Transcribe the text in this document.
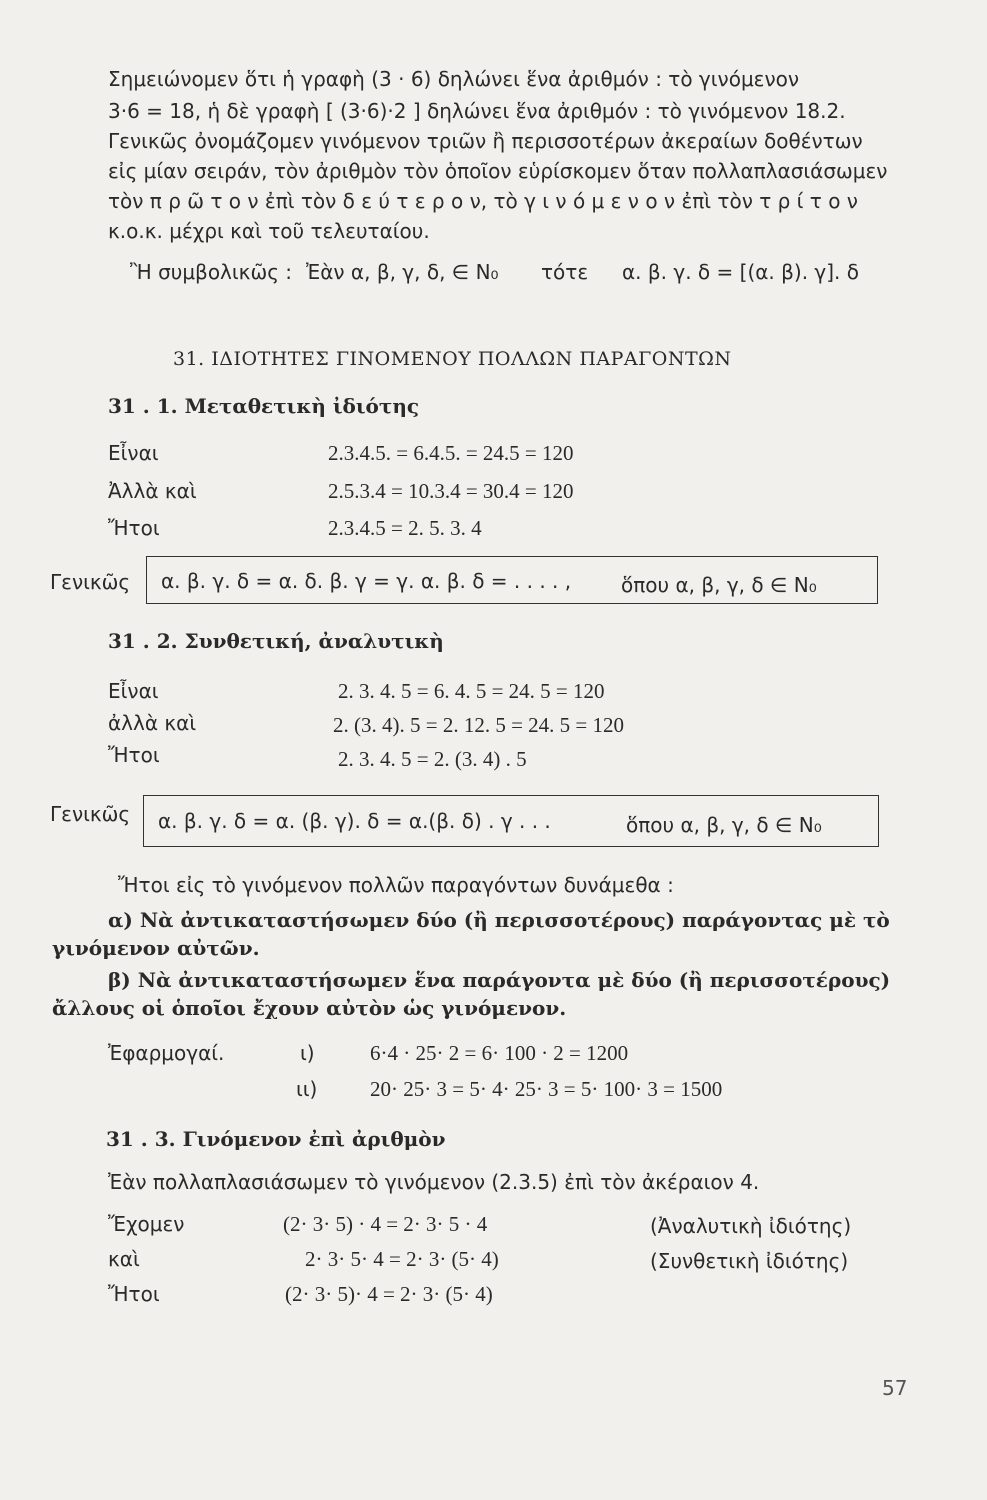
Σημειώνομεν ὅτι ἡ γραφὴ (3 · 6) δηλώνει ἕνα ἀριθμόν : τὸ γινόμενον
3·6 = 18, ἡ δὲ γραφὴ [ (3·6)·2 ] δηλώνει ἕνα ἀριθμόν : τὸ γινόμενον 18.2.
Γενικῶς ὀνομάζομεν γινόμενον τριῶν ἢ περισσοτέρων ἀκεραίων δοθέντων
εἰς μίαν σειράν, τὸν ἀριθμὸν τὸν ὁποῖον εὑρίσκομεν ὅταν πολλαπλασιάσωμεν
τὸν π ρ ῶ τ ο ν ἐπὶ τὸν δ ε ύ τ ε ρ ο ν, τὸ γ ι ν ό μ ε ν ο ν ἐπὶ τὸν τ ρ ί τ ο ν
κ.ο.κ. μέχρι καὶ τοῦ τελευταίου.
Ἢ συμβολικῶς : Ἐὰν α, β, γ, δ, ∈ N₀ τότε α. β. γ. δ = [(α. β). γ]. δ
31. ΙΔΙΟΤΗΤΕΣ ΓΙΝΟΜΕΝΟΥ ΠΟΛΛΩΝ ΠΑΡΑΓΟΝΤΩΝ
31 . 1. Μεταθετικὴ ἰδιότης
Εἶναι	2.3.4.5. = 6.4.5. = 24.5 = 120
Ἀλλὰ καὶ	2.5.3.4 = 10.3.4 = 30.4 = 120
Ἤτοι	2.3.4.5 = 2. 5. 3. 4
Γενικῶς α. β. γ. δ = α. δ. β. γ = γ. α. β. δ = . . . . , ὅπου α, β, γ, δ ∈ N₀
31 . 2. Συνθετική, ἀναλυτικὴ
Εἶναι	2. 3. 4. 5 = 6. 4. 5 = 24. 5 = 120
ἀλλὰ καὶ	2. (3. 4). 5 = 2. 12. 5 = 24. 5 = 120
Ἤτοι	2. 3. 4. 5 = 2. (3. 4) . 5
Γενικῶς α. β. γ. δ = α. (β. γ). δ = α.(β. δ) . γ . . .	ὅπου α, β, γ, δ ∈ N₀
Ἤτοι εἰς τὸ γινόμενον πολλῶν παραγόντων δυνάμεθα :
α) Νὰ ἀντικαταστήσωμεν δύο (ἢ περισσοτέρους) παράγοντας μὲ τὸ
γινόμενον αὐτῶν.
β) Νὰ ἀντικαταστήσωμεν ἕνα παράγοντα μὲ δύο (ἢ περισσοτέρους)
ἄλλους οἱ ὁποῖοι ἔχουν αὐτὸν ὡς γινόμενον.
Ἐφαρμογαί.	ι)	6·4 · 25· 2 = 6· 100 · 2 = 1200
ιι)	20· 25· 3 = 5· 4· 25· 3 = 5· 100· 3 = 1500
31 . 3. Γινόμενον ἐπὶ ἀριθμὸν
Ἐὰν πολλαπλασιάσωμεν τὸ γινόμενον (2.3.5) ἐπὶ τὸν ἀκέραιον 4.
Ἔχομεν	(2· 3· 5) · 4 = 2· 3· 5 · 4	(Ἀναλυτικὴ ἰδιότης)
καὶ	2· 3· 5· 4 = 2· 3· (5· 4)	(Συνθετικὴ ἰδιότης)
Ἤτοι	(2· 3· 5)· 4 = 2· 3· (5· 4)
57
